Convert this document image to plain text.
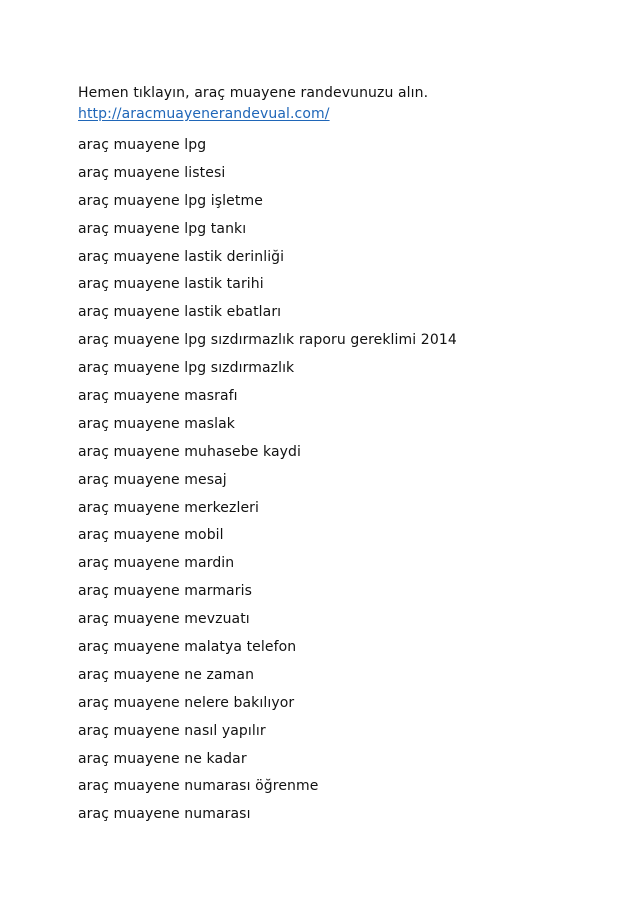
Hemen tıklayın, araç muayene randevunuzu alın.

http://aracmuayenerandevual.com/
araç muayene lpg
araç muayene listesi
araç muayene lpg işletme
araç muayene lpg tankı
araç muayene lastik derinliği
araç muayene lastik tarihi
araç muayene lastik ebatları
araç muayene lpg sızdırmazlık raporu gereklimi 2014
araç muayene lpg sızdırmazlık
araç muayene masrafı
araç muayene maslak
araç muayene muhasebe kaydi
araç muayene mesaj
araç muayene merkezleri
araç muayene mobil
araç muayene mardin
araç muayene marmaris
araç muayene mevzuatı
araç muayene malatya telefon
araç muayene ne zaman
araç muayene nelere bakılıyor
araç muayene nasıl yapılır
araç muayene ne kadar
araç muayene numarası öğrenme
araç muayene numarası
